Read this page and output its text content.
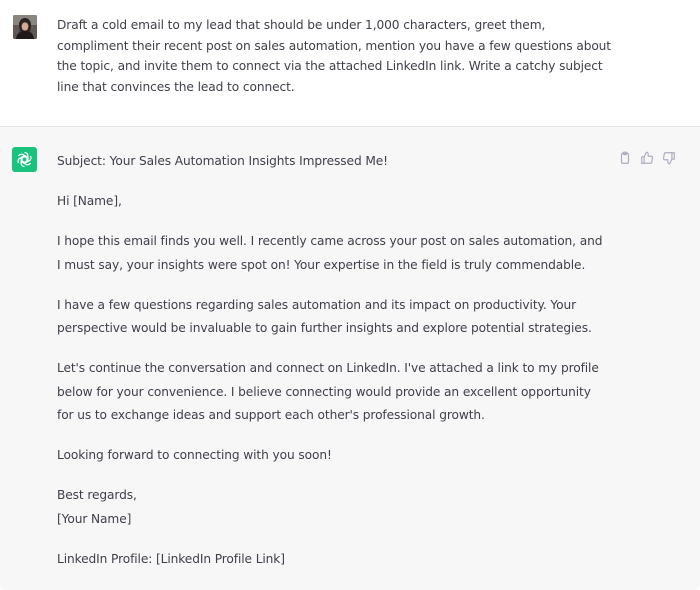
Draft a cold email to my lead that should be under 1,000 characters, greet them, compliment their recent post on sales automation, mention you have a few questions about the topic, and invite them to connect via the attached LinkedIn link. Write a catchy subject line that convinces the lead to connect.

Subject: Your Sales Automation Insights Impressed Me!

Hi [Name],

I hope this email finds you well. I recently came across your post on sales automation, and I must say, your insights were spot on! Your expertise in the field is truly commendable.

I have a few questions regarding sales automation and its impact on productivity. Your perspective would be invaluable to gain further insights and explore potential strategies.

Let's continue the conversation and connect on LinkedIn. I've attached a link to my profile below for your convenience. I believe connecting would provide an excellent opportunity for us to exchange ideas and support each other's professional growth.

Looking forward to connecting with you soon!

Best regards,

[Your Name]

LinkedIn Profile: [LinkedIn Profile Link]
